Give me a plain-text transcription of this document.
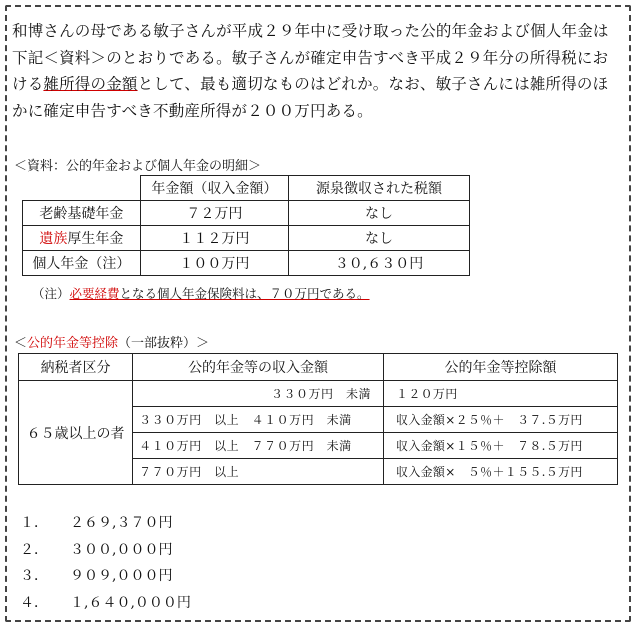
和博さんの母である敏子さんが平成２９年中に受け取った公的年金および個人年金は
下記＜資料＞のとおりである。敏子さんが確定申告すべき平成２９年分の所得税にお
ける雑所得の金額として、最も適切なものはどれか。なお、敏子さんには雑所得のほ
かに確定申告すべき不動産所得が２００万円ある。
＜資料：公的年金および個人年金の明細＞
	年金額（収入金額）	源泉徴収された税額
老齢基礎年金	７２万円	なし
遺族厚生年金	１１２万円	なし
個人年金（注）	１００万円	３０,６３０円
（注）必要経費となる個人年金保険料は、７０万円である。
＜公的年金等控除（一部抜粋）＞
納税者区分	公的年金等の収入金額	公的年金等控除額
６５歳以上の者	３３０万円　未満	１２０万円
	３３０万円　以上　４１０万円　未満	収入金額×２５％＋　３７.５万円
	４１０万円　以上　７７０万円　未満	収入金額×１５％＋　７８.５万円
	７７０万円　以上	収入金額×　５％＋１５５.５万円
１．	２６９,３７０円
２．	３００,０００円
３．	９０９,０００円
４．	１,６４０,０００円
